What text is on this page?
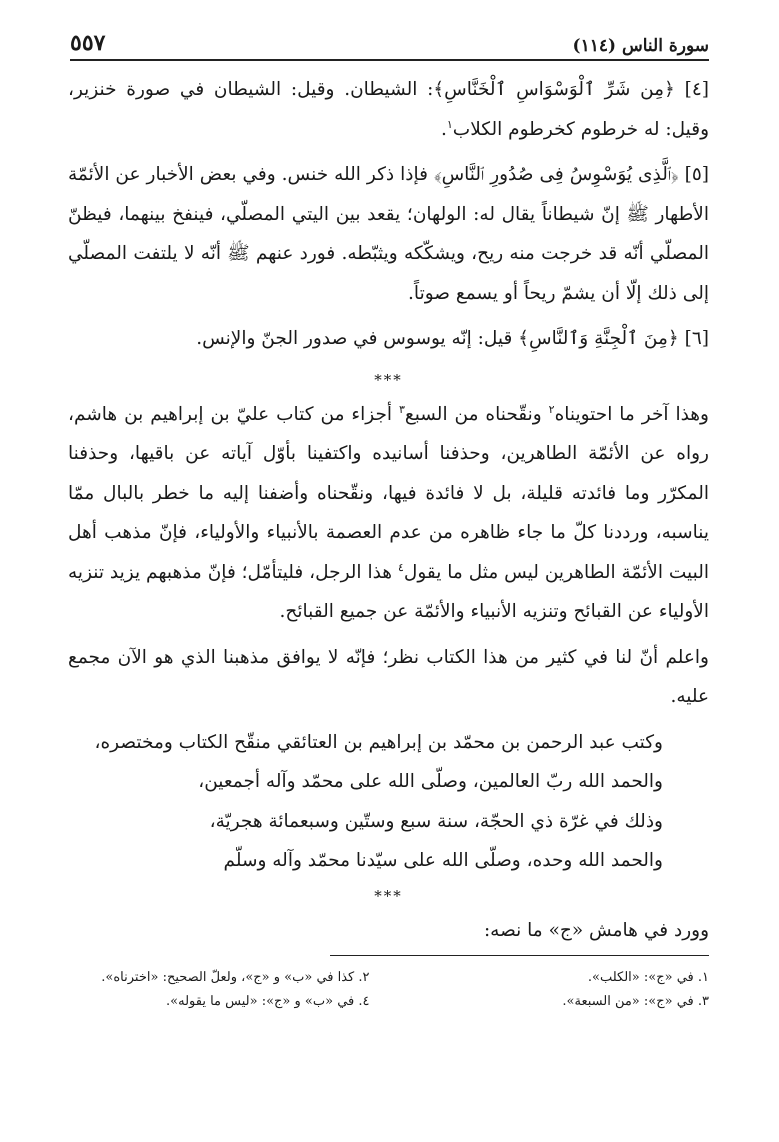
سورة الناس (١١٤)
٥٥٧

[٤] ﴿مِن شَرِّ ٱلْوَسْوَاسِ ٱلْخَنَّاسِ﴾: الشيطان. وقيل: الشيطان في صورة خنزير، وقيل: له خرطوم كخرطوم الكلاب$^١$.

[٥] ﴿ٱلَّذِى يُوَسْوِسُ فِى صُدُورِ ٱلنَّاسِ﴾ فإذا ذكر الله خنس. وفي بعض الأخبار عن الأئمّة الأطهار ﷺ إنّ شيطاناً يقال له: الولهان؛ يقعد بين اليتي المصلّي، فينفخ بينهما، فيظنّ المصلّي أنّه قد خرجت منه ريح، ويشكّكه ويثبّطه. فورد عنهم ﷺ أنّه لا يلتفت المصلّي إلى ذلك إلّا أن يشمّ ريحاً أو يسمع صوتاً.

[٦] ﴿مِنَ ٱلْجِنَّةِ وَٱلنَّاسِ﴾ قيل: إنّه يوسوس في صدور الجنّ والإنس.

***

وهذا آخر ما احتويناه$^٢$ ونقّحناه من السبع$^٣$ أجزاء من كتاب عليّ بن إبراهيم بن هاشم، رواه عن الأئمّة الطاهرين، وحذفنا أسانيده واكتفينا بأوّل آياته عن باقيها، وحذفنا المكرّر وما فائدته قليلة، بل لا فائدة فيها، ونقّحناه وأضفنا إليه ما خطر بالبال ممّا يناسبه، ورددنا كلّ ما جاء ظاهره من عدم العصمة بالأنبياء والأولياء، فإنّ مذهب أهل البيت الأئمّة الطاهرين ليس مثل ما يقول$^٤$ هذا الرجل، فليتأمّل؛ فإنّ مذهبهم يزيد تنزيه الأولياء عن القبائح وتنزيه الأنبياء والأئمّة عن جميع القبائح.

واعلم أنّ لنا في كثير من هذا الكتاب نظر؛ فإنّه لا يوافق مذهبنا الذي هو الآن مجمع عليه.

وكتب عبد الرحمن بن محمّد بن إبراهيم بن العتائقي منقّح الكتاب ومختصره،

والحمد الله ربّ العالمين، وصلّى الله على محمّد وآله أجمعين،

وذلك في غرّة ذي الحجّة، سنة سبع وستّين وسبعمائة هجريّة،

والحمد الله وحده، وصلّى الله على سيّدنا محمّد وآله وسلّم

***

وورد في هامش «ج» ما نصه:

١. في «ج»: «الكلب».
٢. كذا في «ب» و «ج»، ولعلّ الصحيح: «اخترناه».
٣. في «ج»: «من السبعة».
٤. في «ب» و «ج»: «ليس ما يقوله».
